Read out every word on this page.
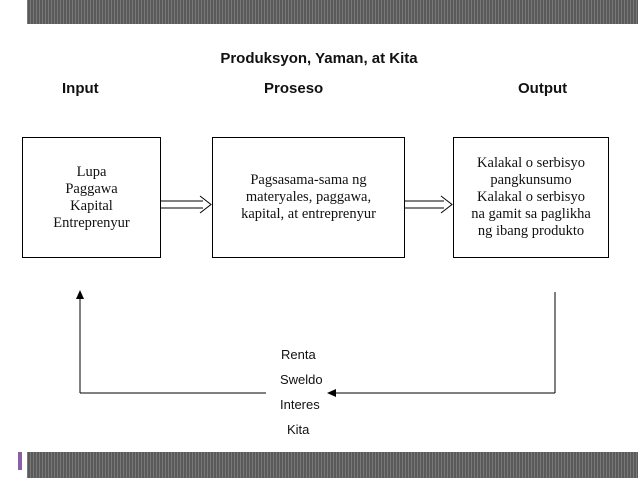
Produksyon, Yaman, at Kita
Input	Proseso	Output
Lupa
Paggawa
Kapital
Entreprenyur
Pagsasama-sama ng
materyales, paggawa,
kapital, at entreprenyur
Kalakal o serbisyo
pangkunsumo
Kalakal o serbisyo
na gamit sa paglikha
ng ibang produkto
Renta
Sweldo
Interes
Kita
